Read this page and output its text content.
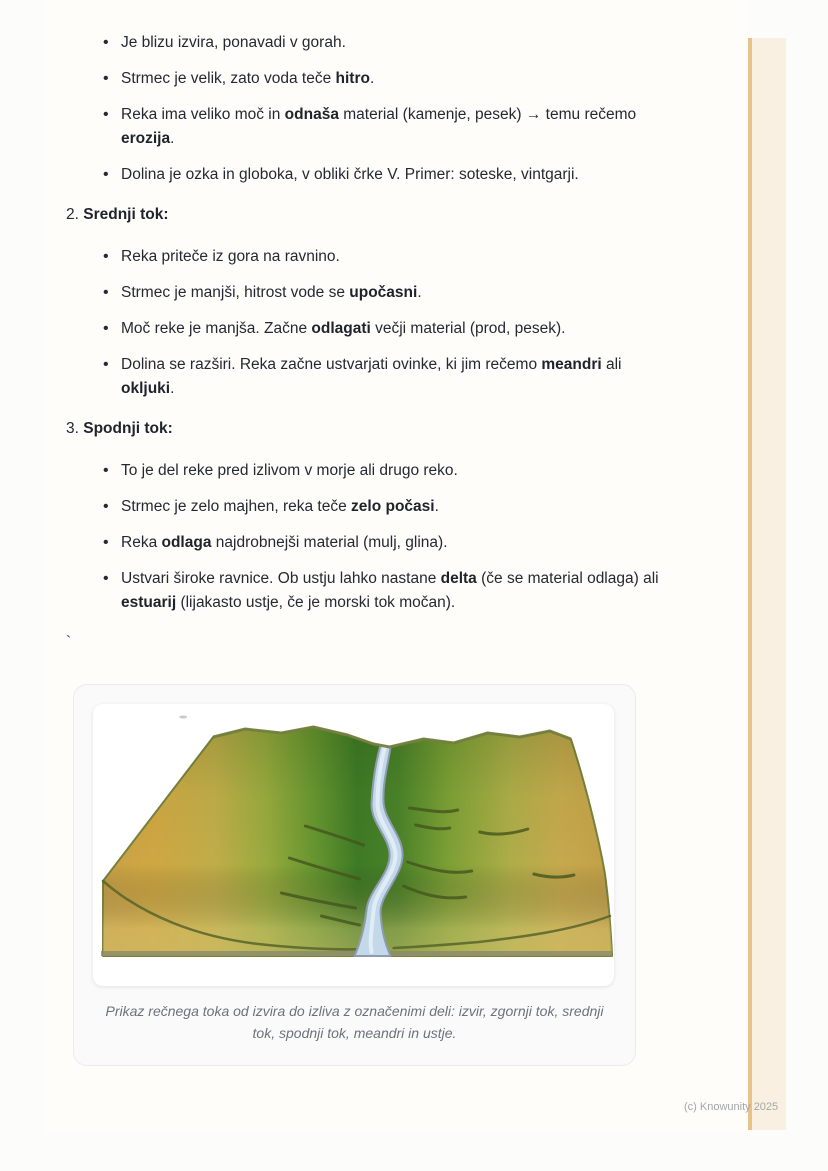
• Je blizu izvira, ponavadi v gorah.
• Strmec je velik, zato voda teče hitro.
• Reka ima veliko moč in odnaša material (kamenje, pesek) → temu rečemo erozija.
• Dolina je ozka in globoka, v obliki črke V. Primer: soteske, vintgarji.
2. Srednji tok:
• Reka priteče iz gora na ravnino.
• Strmec je manjši, hitrost vode se upočasni.
• Moč reke je manjša. Začne odlagati večji material (prod, pesek).
• Dolina se razširi. Reka začne ustvarjati ovinke, ki jim rečemo meandri ali okljuki.
3. Spodnji tok:
• To je del reke pred izlivom v morje ali drugo reko.
• Strmec je zelo majhen, reka teče zelo počasi.
• Reka odlaga najdrobnejši material (mulj, glina).
• Ustvari široke ravnice. Ob ustju lahko nastane delta (če se material odlaga) ali estuarij (lijakasto ustje, če je morski tok močan).
`
Prikaz rečnega toka od izvira do izliva z označenimi deli: izvir, zgornji tok, srednji tok, spodnji tok, meandri in ustje.
(c) Knowunity 2025
